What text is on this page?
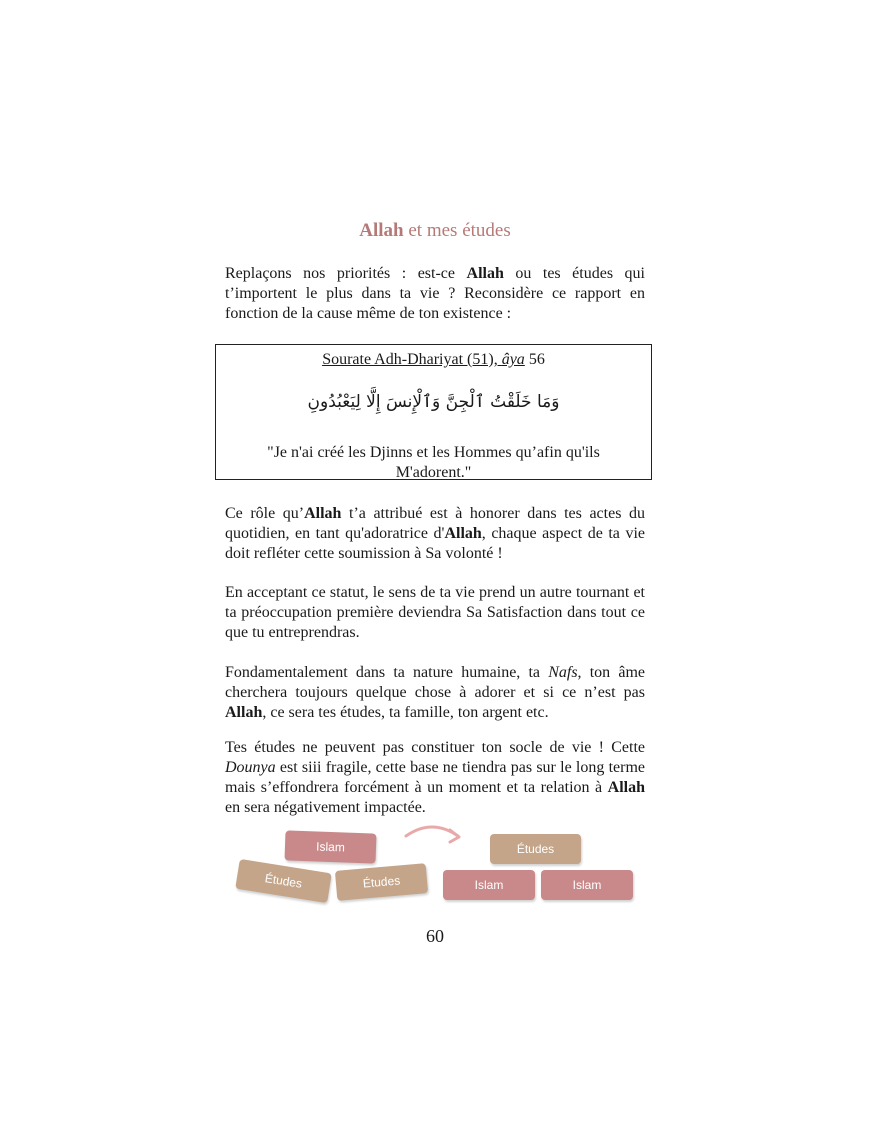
Allah et mes études

Replaçons nos priorités : est-ce Allah ou tes études qui t’importent le plus dans ta vie ? Reconsidère ce rapport en fonction de la cause même de ton existence :

Sourate Adh-Dhariyat (51), âya 56
وَمَا خَلَقْتُ ٱلْجِنَّ وَٱلْإِنسَ إِلَّا لِيَعْبُدُونِ
"Je n'ai créé les Djinns et les Hommes qu’afin qu'ils M'adorent."

Ce rôle qu’Allah t’a attribué est à honorer dans tes actes du quotidien, en tant qu'adoratrice d'Allah, chaque aspect de ta vie doit refléter cette soumission à Sa volonté !

En acceptant ce statut, le sens de ta vie prend un autre tournant et ta préoccupation première deviendra Sa Satisfaction dans tout ce que tu entreprendras.

Fondamentalement dans ta nature humaine, ta Nafs, ton âme cherchera toujours quelque chose à adorer et si ce n’est pas Allah, ce sera tes études, ta famille, ton argent etc.

Tes études ne peuvent pas constituer ton socle de vie ! Cette Dounya est siii fragile, cette base ne tiendra pas sur le long terme mais s’effondrera forcément à un moment et ta relation à Allah en sera négativement impactée.

Islam
Études	Études
Études
Islam	Islam
60
